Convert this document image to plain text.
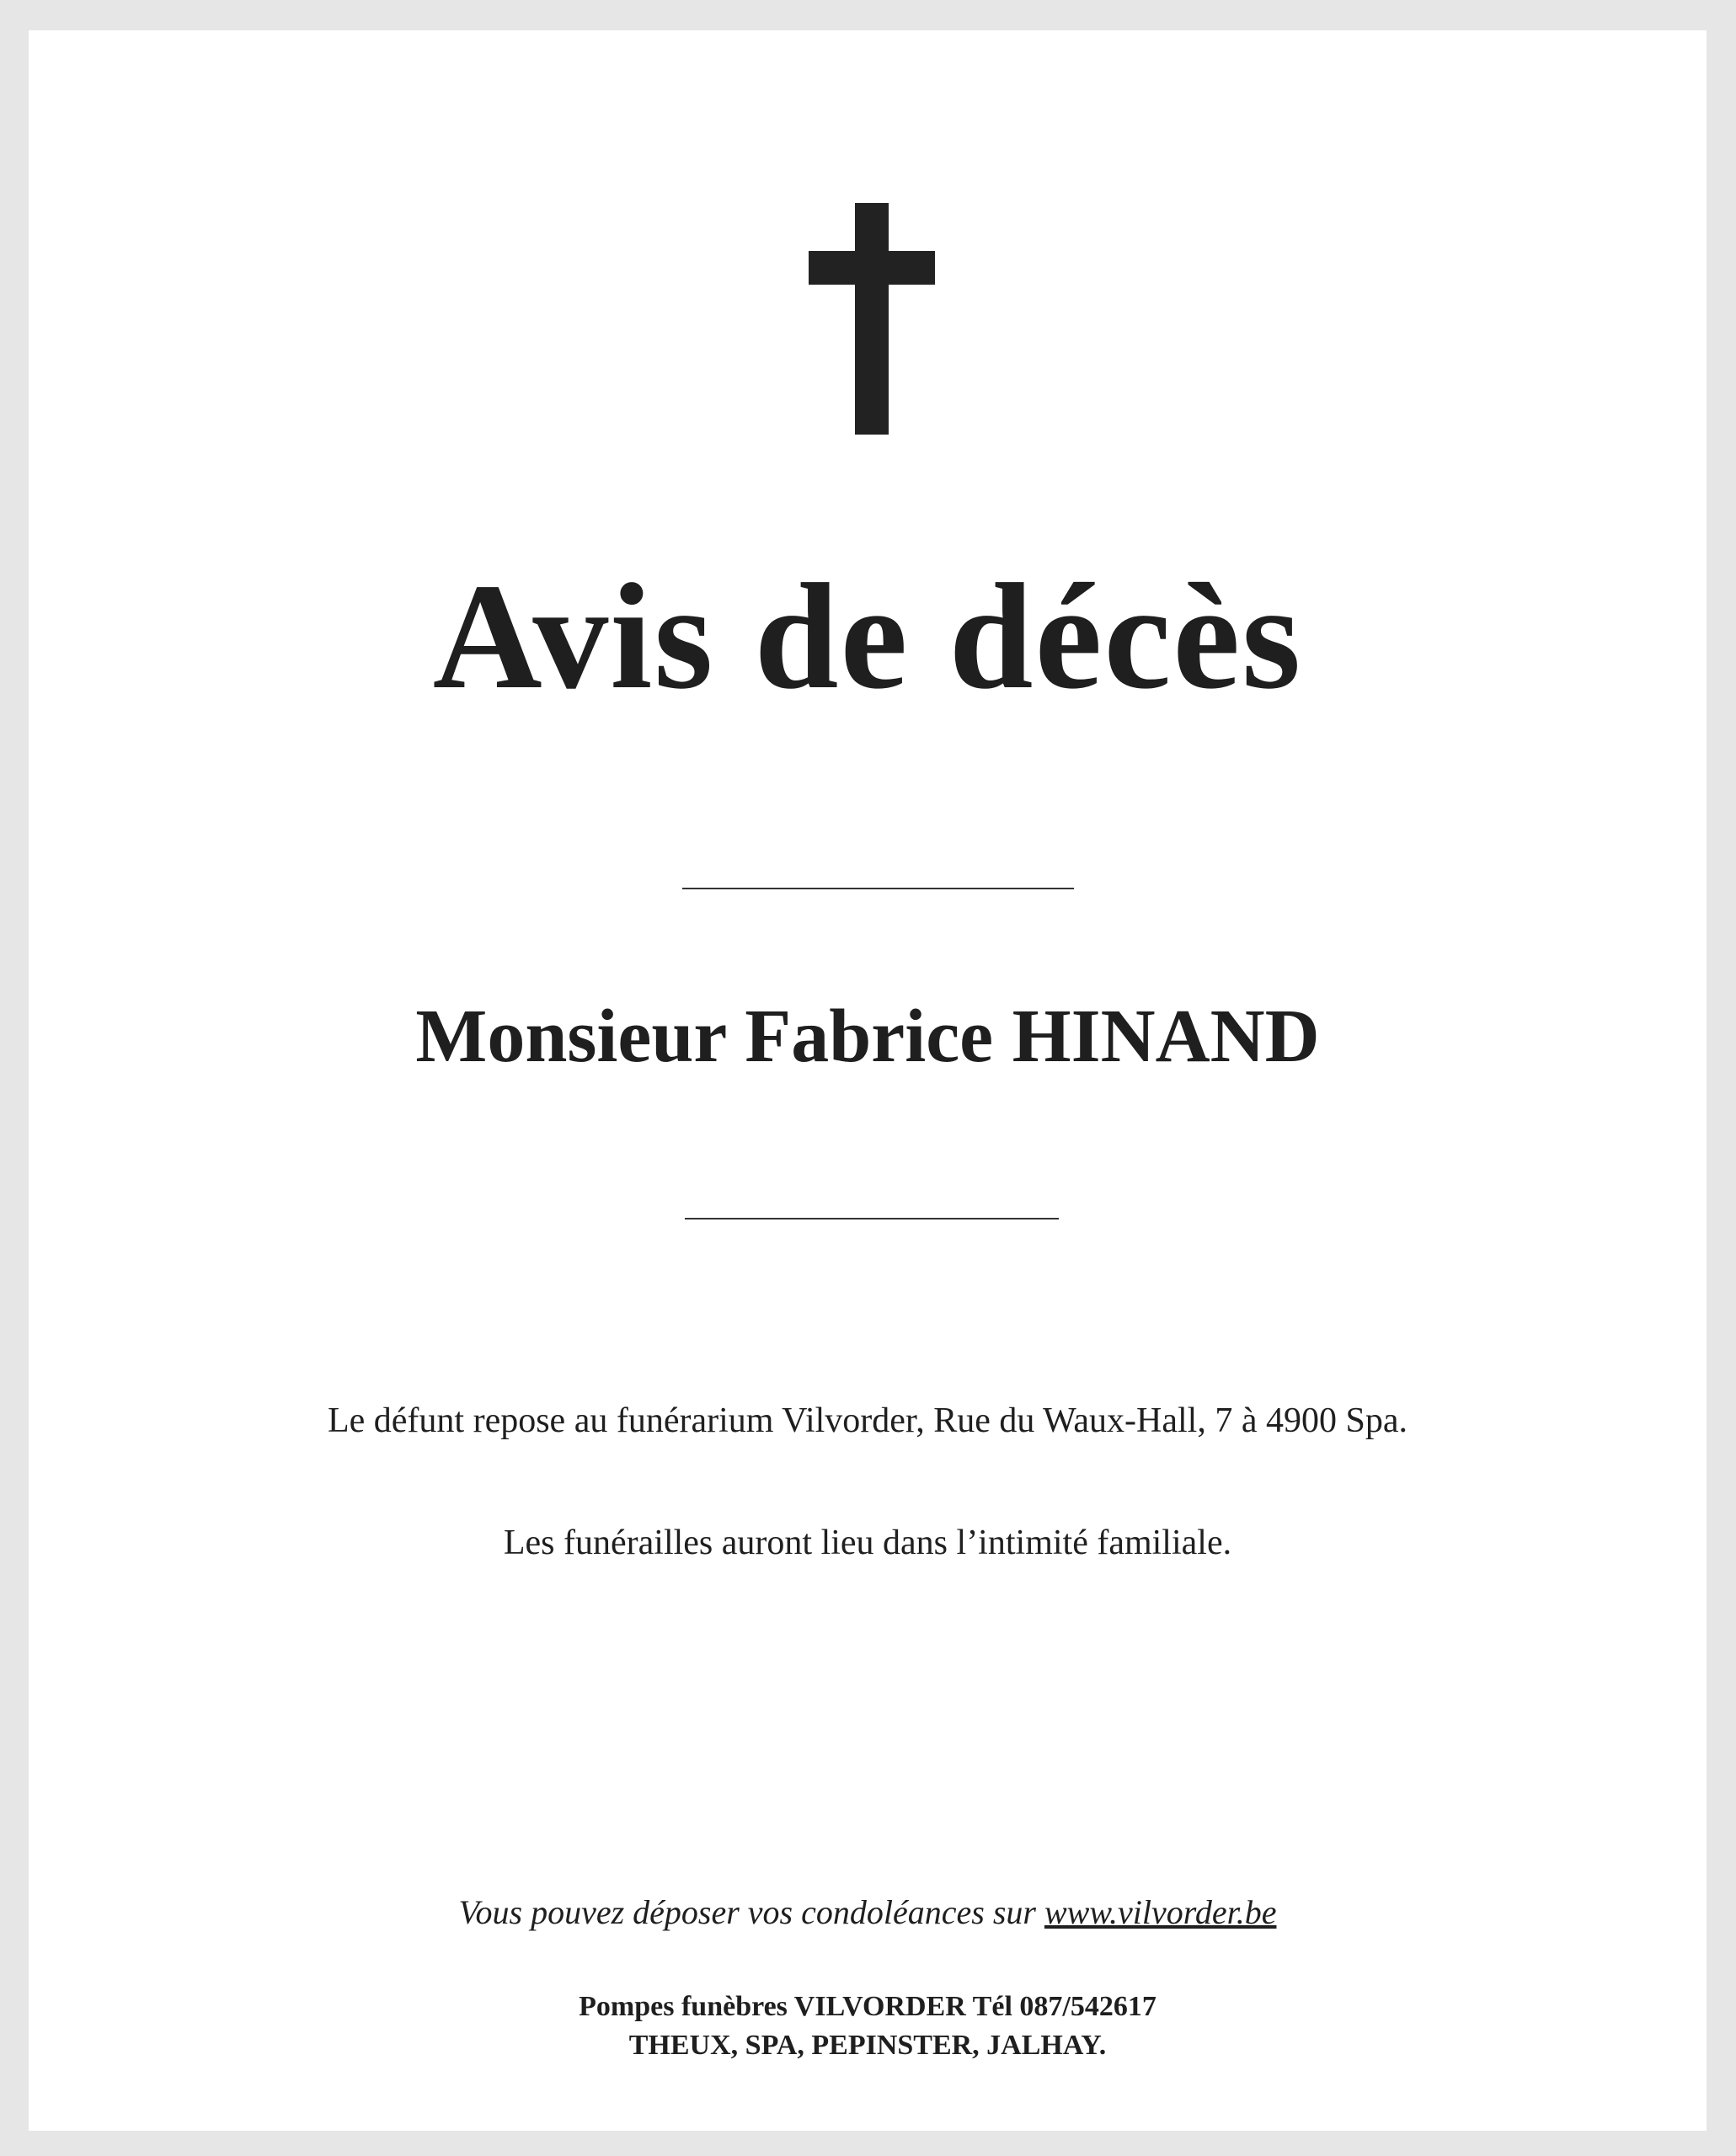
Avis de décès
Monsieur Fabrice HINAND
Le défunt repose au funérarium Vilvorder, Rue du Waux-Hall, 7 à 4900 Spa.
Les funérailles auront lieu dans l’intimité familiale.
Vous pouvez déposer vos condoléances sur www.vilvorder.be
Pompes funèbres VILVORDER Tél 087/542617
THEUX, SPA, PEPINSTER, JALHAY.
